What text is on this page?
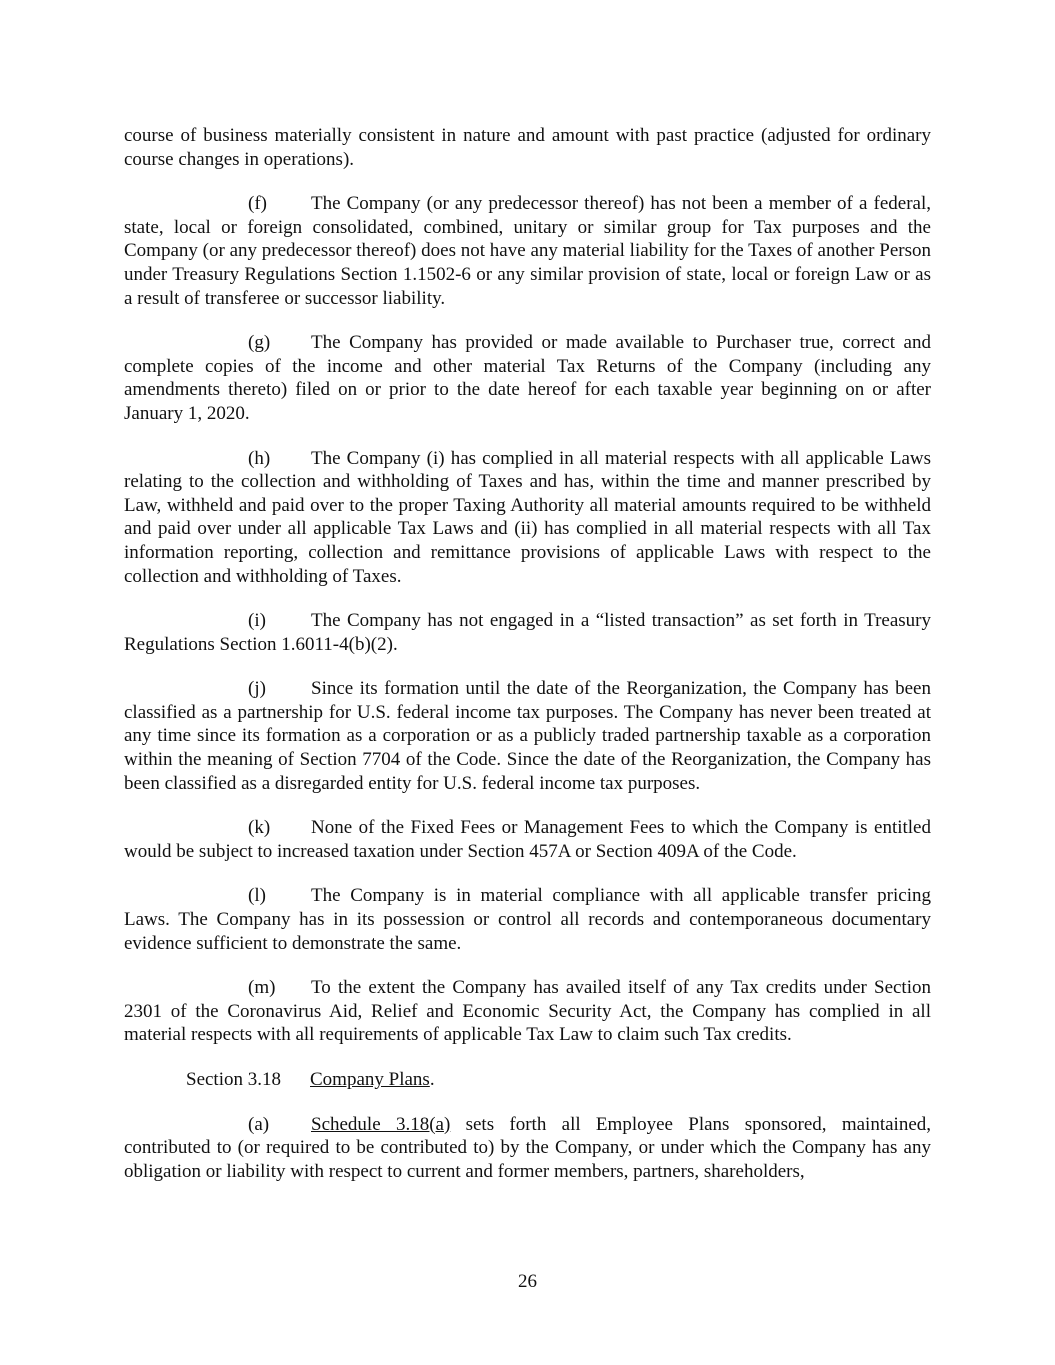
course of business materially consistent in nature and amount with past practice (adjusted for ordinary course changes in operations).

(f) The Company (or any predecessor thereof) has not been a member of a federal, state, local or foreign consolidated, combined, unitary or similar group for Tax purposes and the Company (or any predecessor thereof) does not have any material liability for the Taxes of another Person under Treasury Regulations Section 1.1502-6 or any similar provision of state, local or foreign Law or as a result of transferee or successor liability.

(g) The Company has provided or made available to Purchaser true, correct and complete copies of the income and other material Tax Returns of the Company (including any amendments thereto) filed on or prior to the date hereof for each taxable year beginning on or after January 1, 2020.

(h) The Company (i) has complied in all material respects with all applicable Laws relating to the collection and withholding of Taxes and has, within the time and manner prescribed by Law, withheld and paid over to the proper Taxing Authority all material amounts required to be withheld and paid over under all applicable Tax Laws and (ii) has complied in all material respects with all Tax information reporting, collection and remittance provisions of applicable Laws with respect to the collection and withholding of Taxes.

(i) The Company has not engaged in a “listed transaction” as set forth in Treasury Regulations Section 1.6011-4(b)(2).

(j) Since its formation until the date of the Reorganization, the Company has been classified as a partnership for U.S. federal income tax purposes. The Company has never been treated at any time since its formation as a corporation or as a publicly traded partnership taxable as a corporation within the meaning of Section 7704 of the Code. Since the date of the Reorganization, the Company has been classified as a disregarded entity for U.S. federal income tax purposes.

(k) None of the Fixed Fees or Management Fees to which the Company is entitled would be subject to increased taxation under Section 457A or Section 409A of the Code.

(l) The Company is in material compliance with all applicable transfer pricing Laws. The Company has in its possession or control all records and contemporaneous documentary evidence sufficient to demonstrate the same.

(m) To the extent the Company has availed itself of any Tax credits under Section 2301 of the Coronavirus Aid, Relief and Economic Security Act, the Company has complied in all material respects with all requirements of applicable Tax Law to claim such Tax credits.

Section 3.18 Company Plans.

(a) Schedule 3.18(a) sets forth all Employee Plans sponsored, maintained, contributed to (or required to be contributed to) by the Company, or under which the Company has any obligation or liability with respect to current and former members, partners, shareholders,

26
